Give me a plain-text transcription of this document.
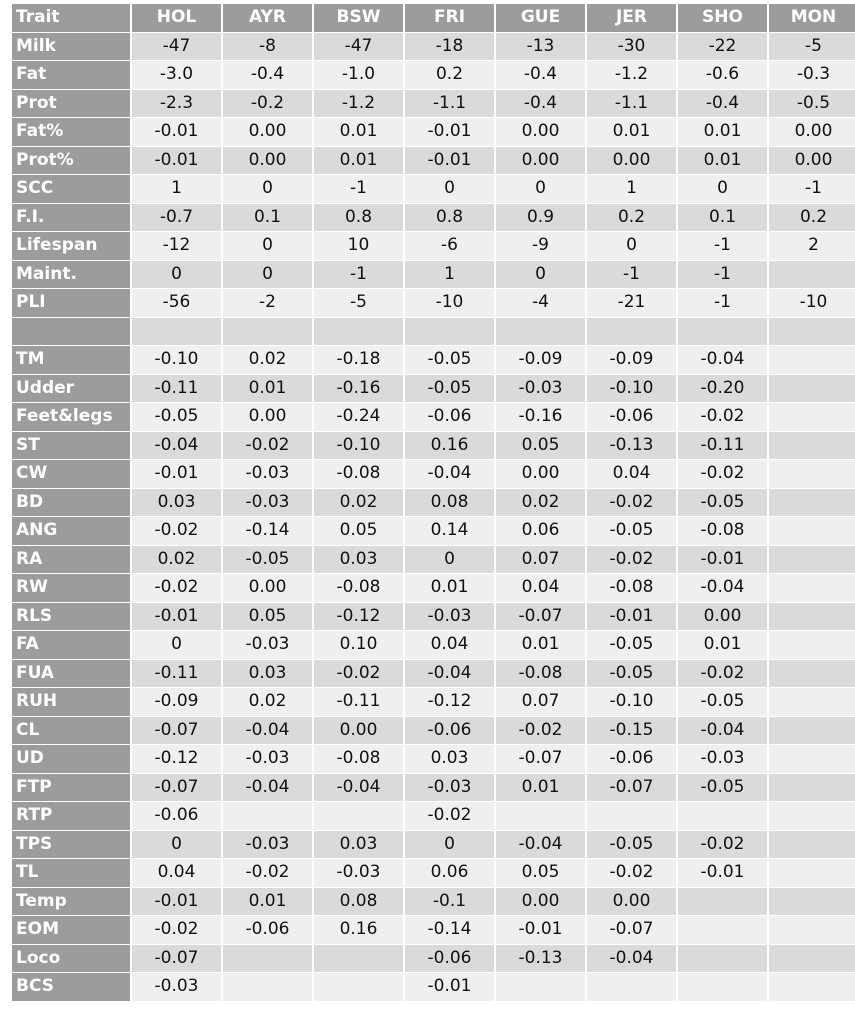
Trait	HOL	AYR	BSW	FRI	GUE	JER	SHO	MON
Milk	-47	-8	-47	-18	-13	-30	-22	-5
Fat	-3.0	-0.4	-1.0	0.2	-0.4	-1.2	-0.6	-0.3
Prot	-2.3	-0.2	-1.2	-1.1	-0.4	-1.1	-0.4	-0.5
Fat%	-0.01	0.00	0.01	-0.01	0.00	0.01	0.01	0.00
Prot%	-0.01	0.00	0.01	-0.01	0.00	0.00	0.01	0.00
SCC	1	0	-1	0	0	1	0	-1
F.I.	-0.7	0.1	0.8	0.8	0.9	0.2	0.1	0.2
Lifespan	-12	0	10	-6	-9	0	-1	2
Maint.	0	0	-1	1	0	-1	-1	
PLI	-56	-2	-5	-10	-4	-21	-1	-10

TM	-0.10	0.02	-0.18	-0.05	-0.09	-0.09	-0.04	
Udder	-0.11	0.01	-0.16	-0.05	-0.03	-0.10	-0.20	
Feet&legs	-0.05	0.00	-0.24	-0.06	-0.16	-0.06	-0.02	
ST	-0.04	-0.02	-0.10	0.16	0.05	-0.13	-0.11	
CW	-0.01	-0.03	-0.08	-0.04	0.00	0.04	-0.02	
BD	0.03	-0.03	0.02	0.08	0.02	-0.02	-0.05	
ANG	-0.02	-0.14	0.05	0.14	0.06	-0.05	-0.08	
RA	0.02	-0.05	0.03	0	0.07	-0.02	-0.01	
RW	-0.02	0.00	-0.08	0.01	0.04	-0.08	-0.04	
RLS	-0.01	0.05	-0.12	-0.03	-0.07	-0.01	0.00	
FA	0	-0.03	0.10	0.04	0.01	-0.05	0.01	
FUA	-0.11	0.03	-0.02	-0.04	-0.08	-0.05	-0.02	
RUH	-0.09	0.02	-0.11	-0.12	0.07	-0.10	-0.05	
CL	-0.07	-0.04	0.00	-0.06	-0.02	-0.15	-0.04	
UD	-0.12	-0.03	-0.08	0.03	-0.07	-0.06	-0.03	
FTP	-0.07	-0.04	-0.04	-0.03	0.01	-0.07	-0.05	
RTP	-0.06			-0.02				
TPS	0	-0.03	0.03	0	-0.04	-0.05	-0.02	
TL	0.04	-0.02	-0.03	0.06	0.05	-0.02	-0.01	
Temp	-0.01	0.01	0.08	-0.1	0.00	0.00		
EOM	-0.02	-0.06	0.16	-0.14	-0.01	-0.07		
Loco	-0.07			-0.06	-0.13	-0.04		
BCS	-0.03			-0.01				
